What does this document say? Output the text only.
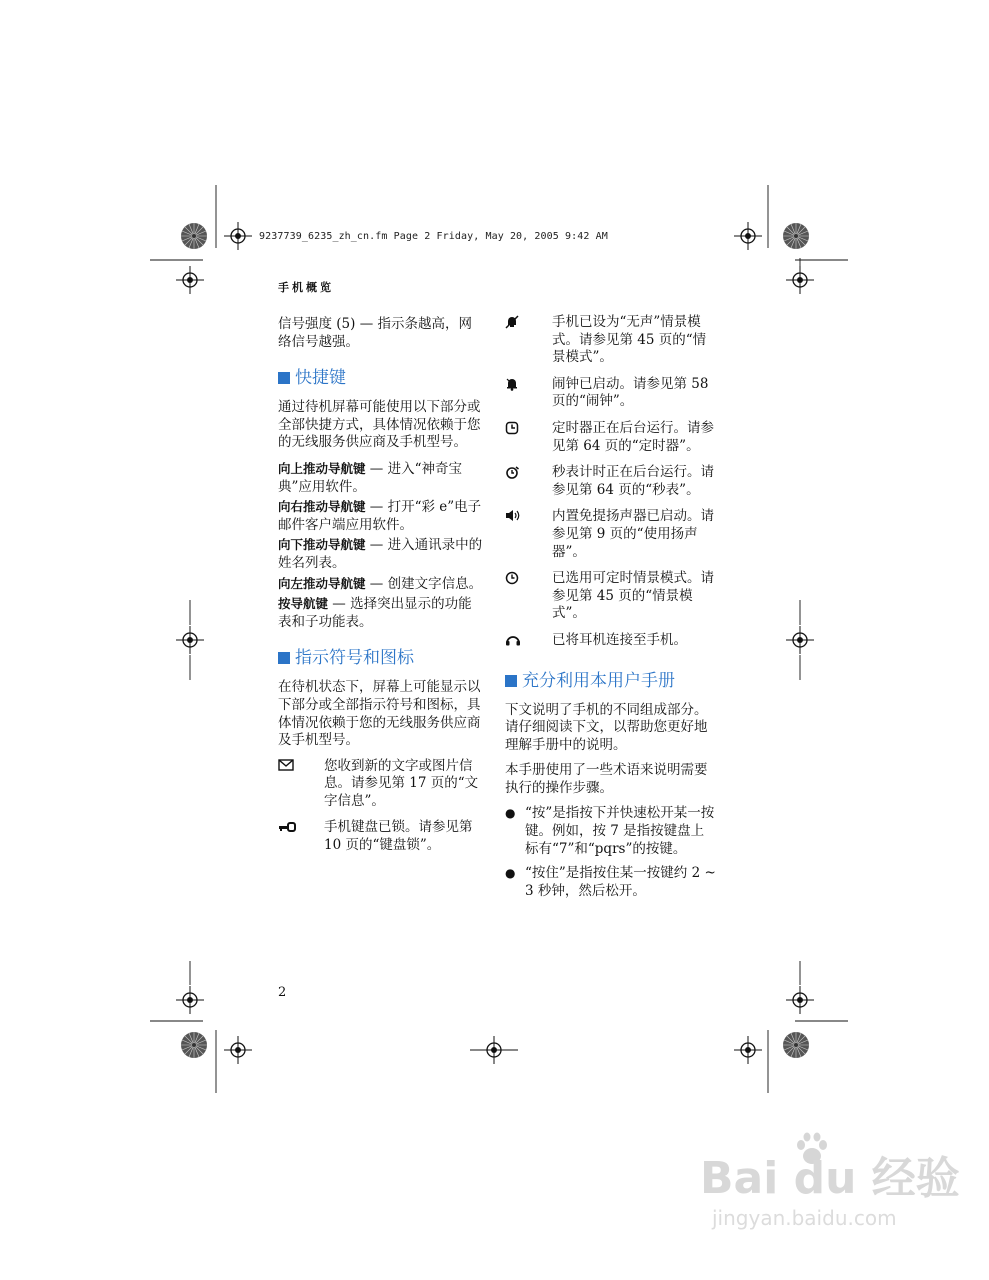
9237739_6235_zh_cn.fm Page 2 Friday, May 20, 2005 9:42 AM
手机概览

信号强度 (5) — 指示条越高，网络信号越强。

快捷键

通过待机屏幕可能使用以下部分或全部快捷方式，具体情况依赖于您的无线服务供应商及手机型号。

向上推动导航键 — 进入“神奇宝典”应用软件。

向右推动导航键 — 打开“彩 e”电子邮件客户端应用软件。

向下推动导航键 — 进入通讯录中的姓名列表。

向左推动导航键 — 创建文字信息。

按导航键 — 选择突出显示的功能表和子功能表。

指示符号和图标

在待机状态下，屏幕上可能显示以下部分或全部指示符号和图标，具体情况依赖于您的无线服务供应商及手机型号。

您收到新的文字或图片信息。请参见第 17 页的“文字信息”。
手机键盘已锁。请参见第 10 页的“键盘锁”。
手机已设为“无声”情景模式。请参见第 45 页的“情景模式”。
闹钟已启动。请参见第 58 页的“闹钟”。
定时器正在后台运行。请参见第 64 页的“定时器”。
秒表计时正在后台运行。请参见第 64 页的“秒表”。
内置免提扬声器已启动。请参见第 9 页的“使用扬声器”。
已选用可定时情景模式。请参见第 45 页的“情景模式”。
已将耳机连接至手机。
充分利用本用户手册

下文说明了手机的不同组成部分。请仔细阅读下文，以帮助您更好地理解手册中的说明。

本手册使用了一些术语来说明需要执行的操作步骤。

● “按”是指按下并快速松开某一按键。例如，按 7 是指按键盘上标有“7”和“pqrs”的按键。
● “按住”是指按住某一按键约 2 ~ 3 秒钟，然后松开。
2
Bai du 经验
jingyan.baidu.com
